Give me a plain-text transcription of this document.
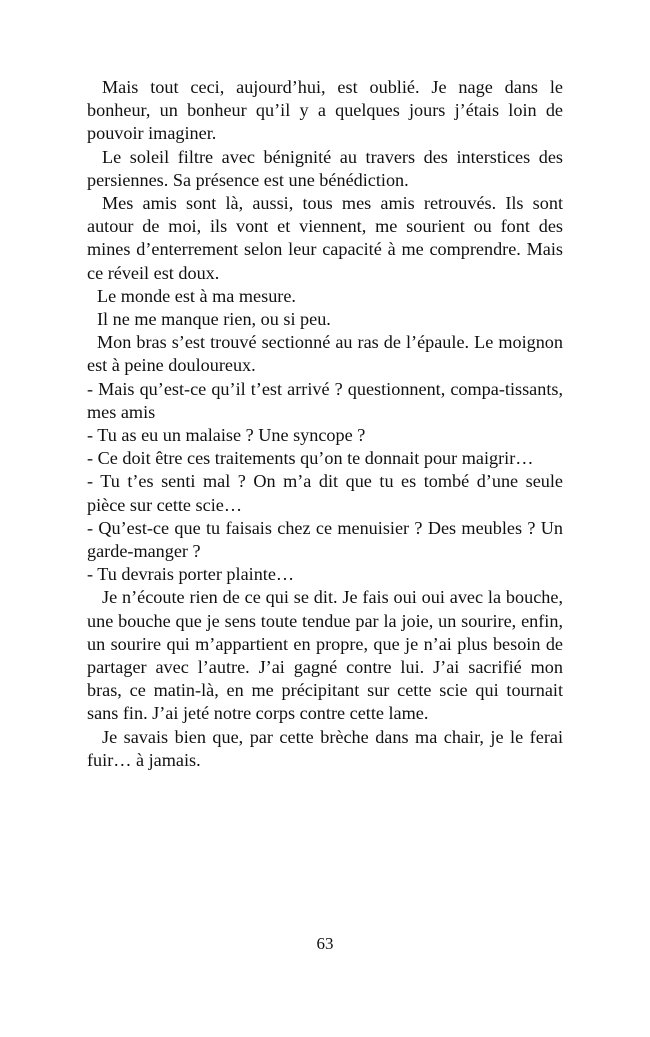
Mais tout ceci, aujourd’hui, est oublié. Je nage dans le bonheur, un bonheur qu’il y a quelques jours j’étais loin de pouvoir imaginer.

Le soleil filtre avec bénignité au travers des interstices des persiennes. Sa présence est une bénédiction.

Mes amis sont là, aussi, tous mes amis retrouvés. Ils sont autour de moi, ils vont et viennent, me sourient ou font des mines d’enterrement selon leur capacité à me comprendre. Mais ce réveil est doux.

Le monde est à ma mesure.

Il ne me manque rien, ou si peu.

Mon bras s’est trouvé sectionné au ras de l’épaule. Le moignon est à peine douloureux.

- Mais qu’est-ce qu’il t’est arrivé ? questionnent, compa-tissants, mes amis

- Tu as eu un malaise ? Une syncope ?

- Ce doit être ces traitements qu’on te donnait pour maigrir…

- Tu t’es senti mal ? On m’a dit que tu es tombé d’une seule pièce sur cette scie…

- Qu’est-ce que tu faisais chez ce menuisier ? Des meubles ? Un garde-manger ?

- Tu devrais porter plainte…

Je n’écoute rien de ce qui se dit. Je fais oui oui avec la bouche, une bouche que je sens toute tendue par la joie, un sourire, enfin, un sourire qui m’appartient en propre, que je n’ai plus besoin de partager avec l’autre. J’ai gagné contre lui. J’ai sacrifié mon bras, ce matin-là, en me précipitant sur cette scie qui tournait sans fin. J’ai jeté notre corps contre cette lame.

Je savais bien que, par cette brèche dans ma chair, je le ferai fuir… à jamais.

63
